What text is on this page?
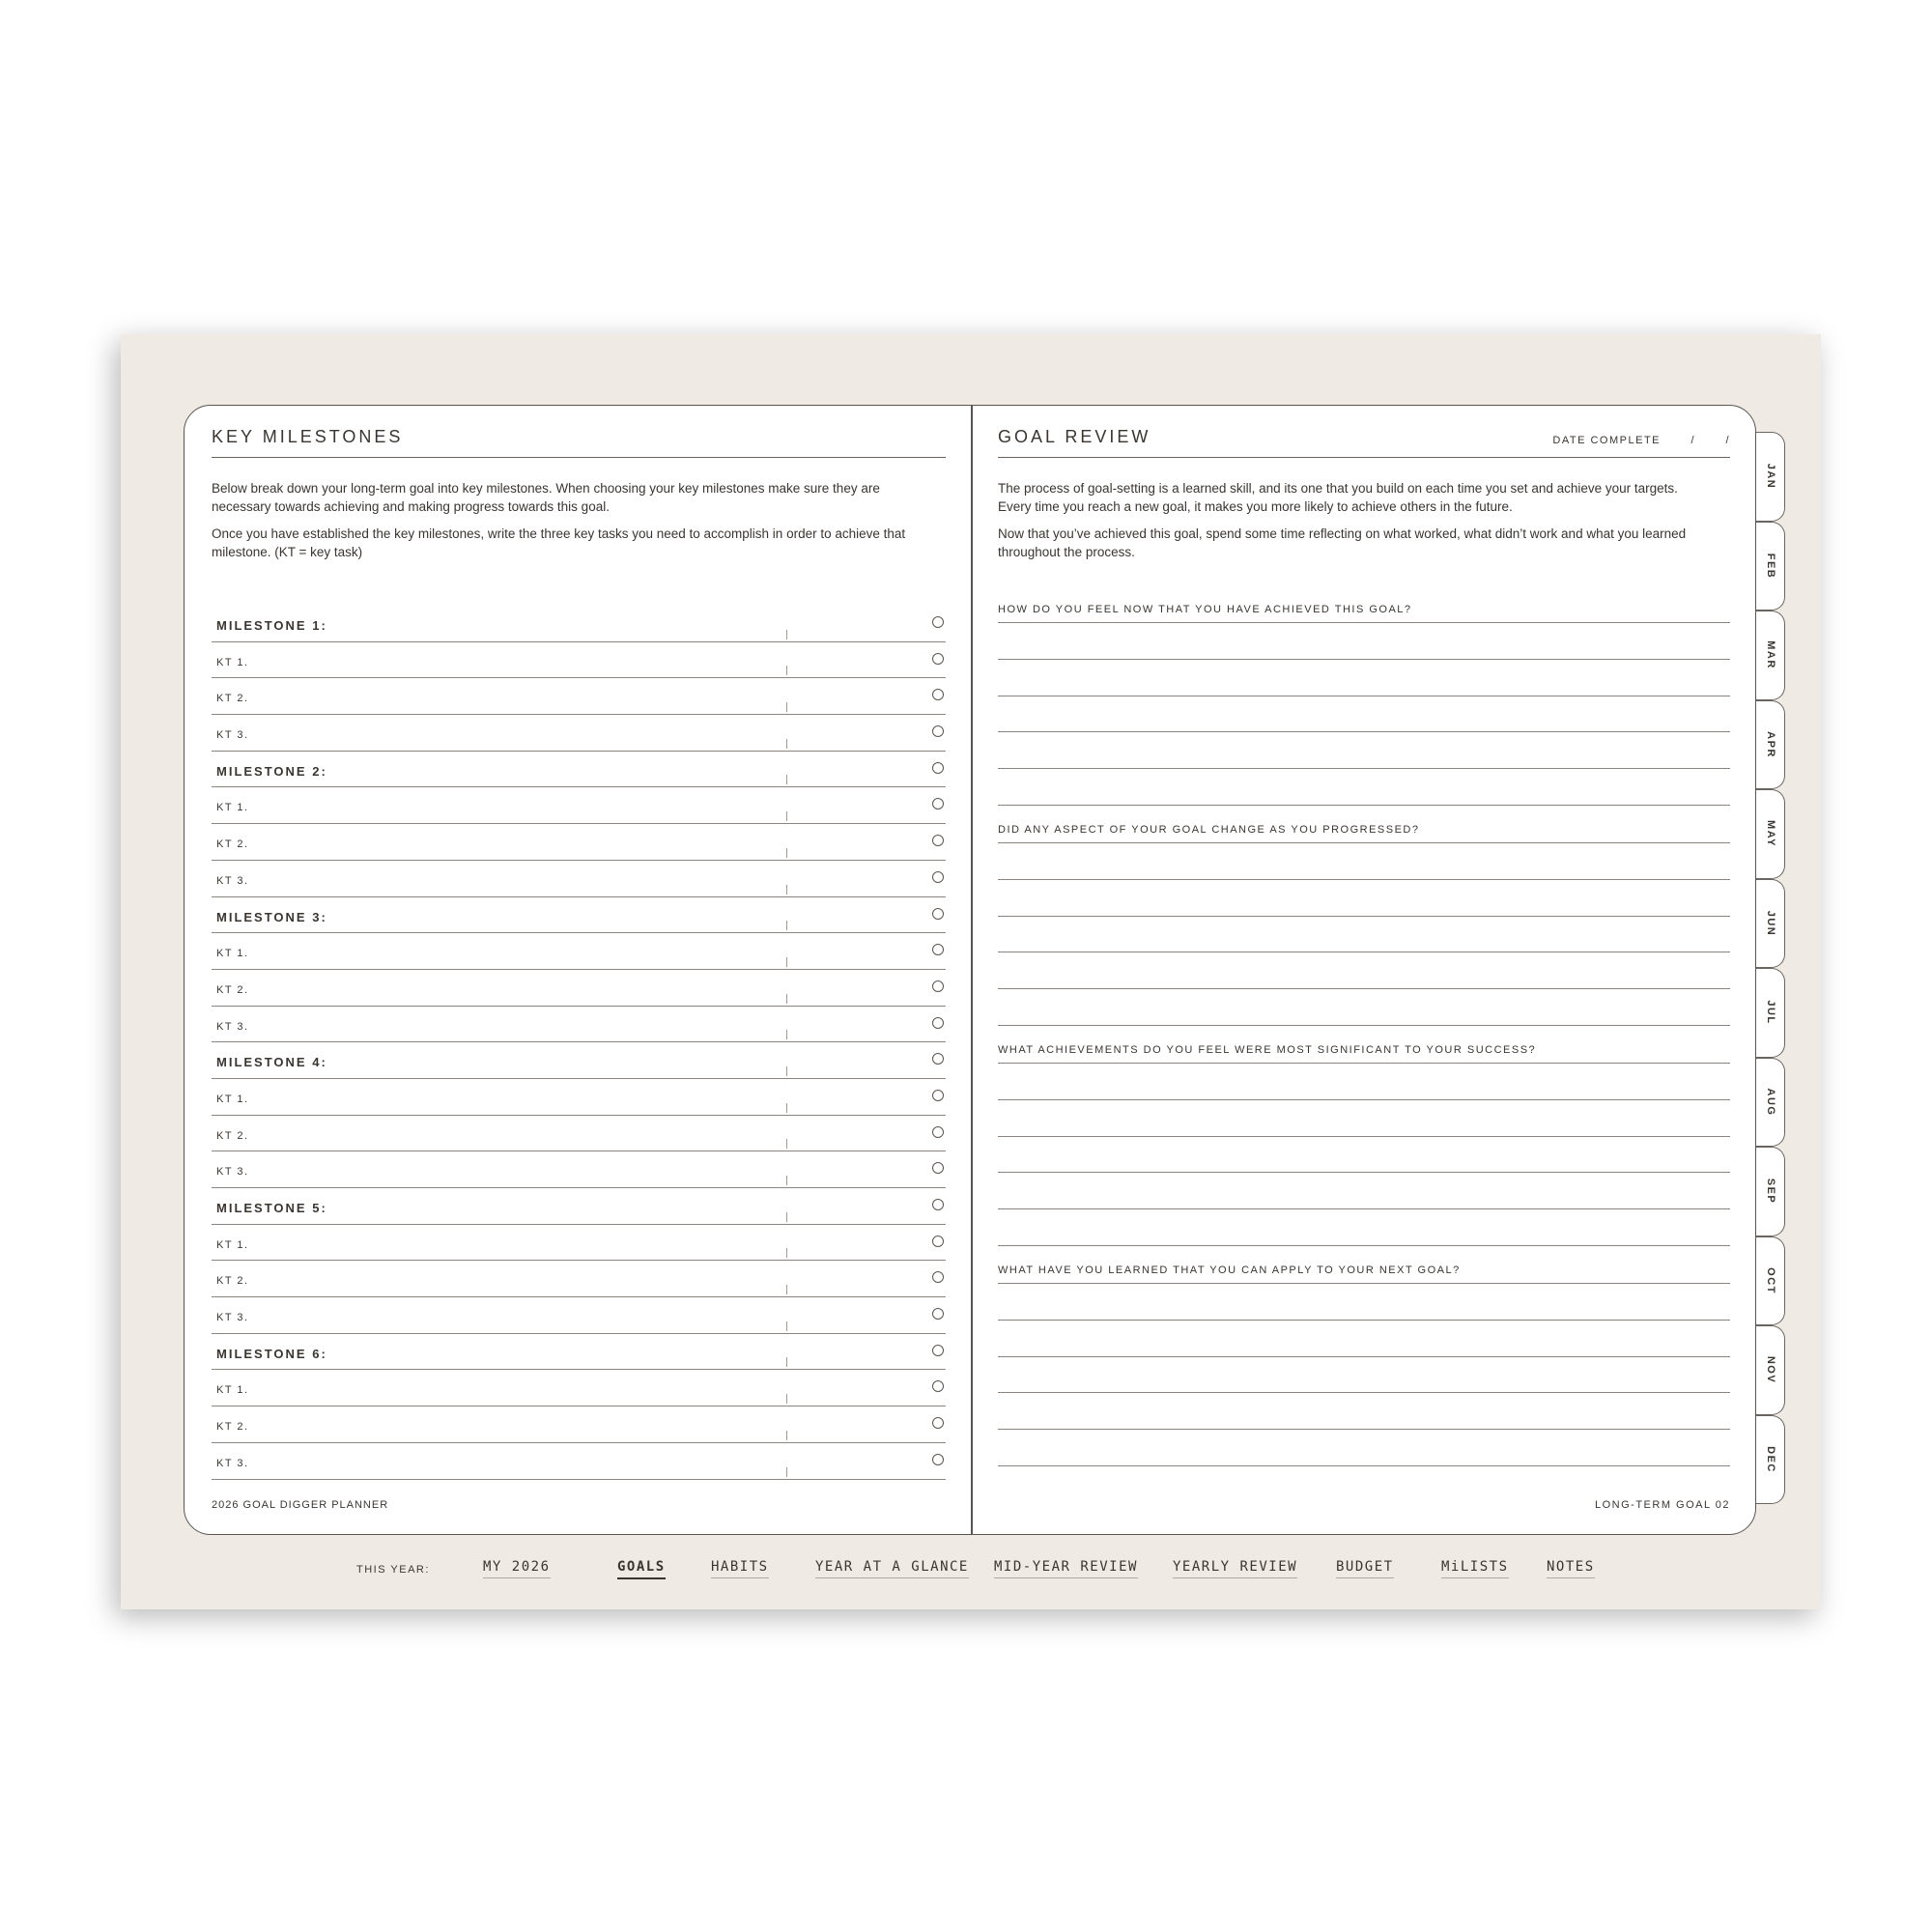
KEY MILESTONES

Below break down your long-term goal into key milestones. When choosing your key milestones make sure they are necessary towards achieving and making progress towards this goal.

Once you have established the key milestones, write the three key tasks you need to accomplish in order to achieve that milestone. (KT = key task)

MILESTONE 1:
KT 1.
KT 2.
KT 3.
MILESTONE 2:
KT 1.
KT 2.
KT 3.
MILESTONE 3:
KT 1.
KT 2.
KT 3.
MILESTONE 4:
KT 1.
KT 2.
KT 3.
MILESTONE 5:
KT 1.
KT 2.
KT 3.
MILESTONE 6:
KT 1.
KT 2.
KT 3.
2026 GOAL DIGGER PLANNER
GOAL REVIEW	DATE COMPLETE	/	/

The process of goal-setting is a learned skill, and its one that you build on each time you set and achieve your targets. Every time you reach a new goal, it makes you more likely to achieve others in the future.

Now that you’ve achieved this goal, spend some time reflecting on what worked, what didn’t work and what you learned throughout the process.

HOW DO YOU FEEL NOW THAT YOU HAVE ACHIEVED THIS GOAL?
DID ANY ASPECT OF YOUR GOAL CHANGE AS YOU PROGRESSED?
WHAT ACHIEVEMENTS DO YOU FEEL WERE MOST SIGNIFICANT TO YOUR SUCCESS?
WHAT HAVE YOU LEARNED THAT YOU CAN APPLY TO YOUR NEXT GOAL?
LONG-TERM GOAL 02
JAN
FEB
MAR
APR
MAY
JUN
JUL
AUG
SEP
OCT
NOV
DEC
THIS YEAR:	MY 2026	GOALS	HABITS	YEAR AT A GLANCE MID-YEAR REVIEW	YEARLY REVIEW	BUDGET	MiLISTS	NOTES
